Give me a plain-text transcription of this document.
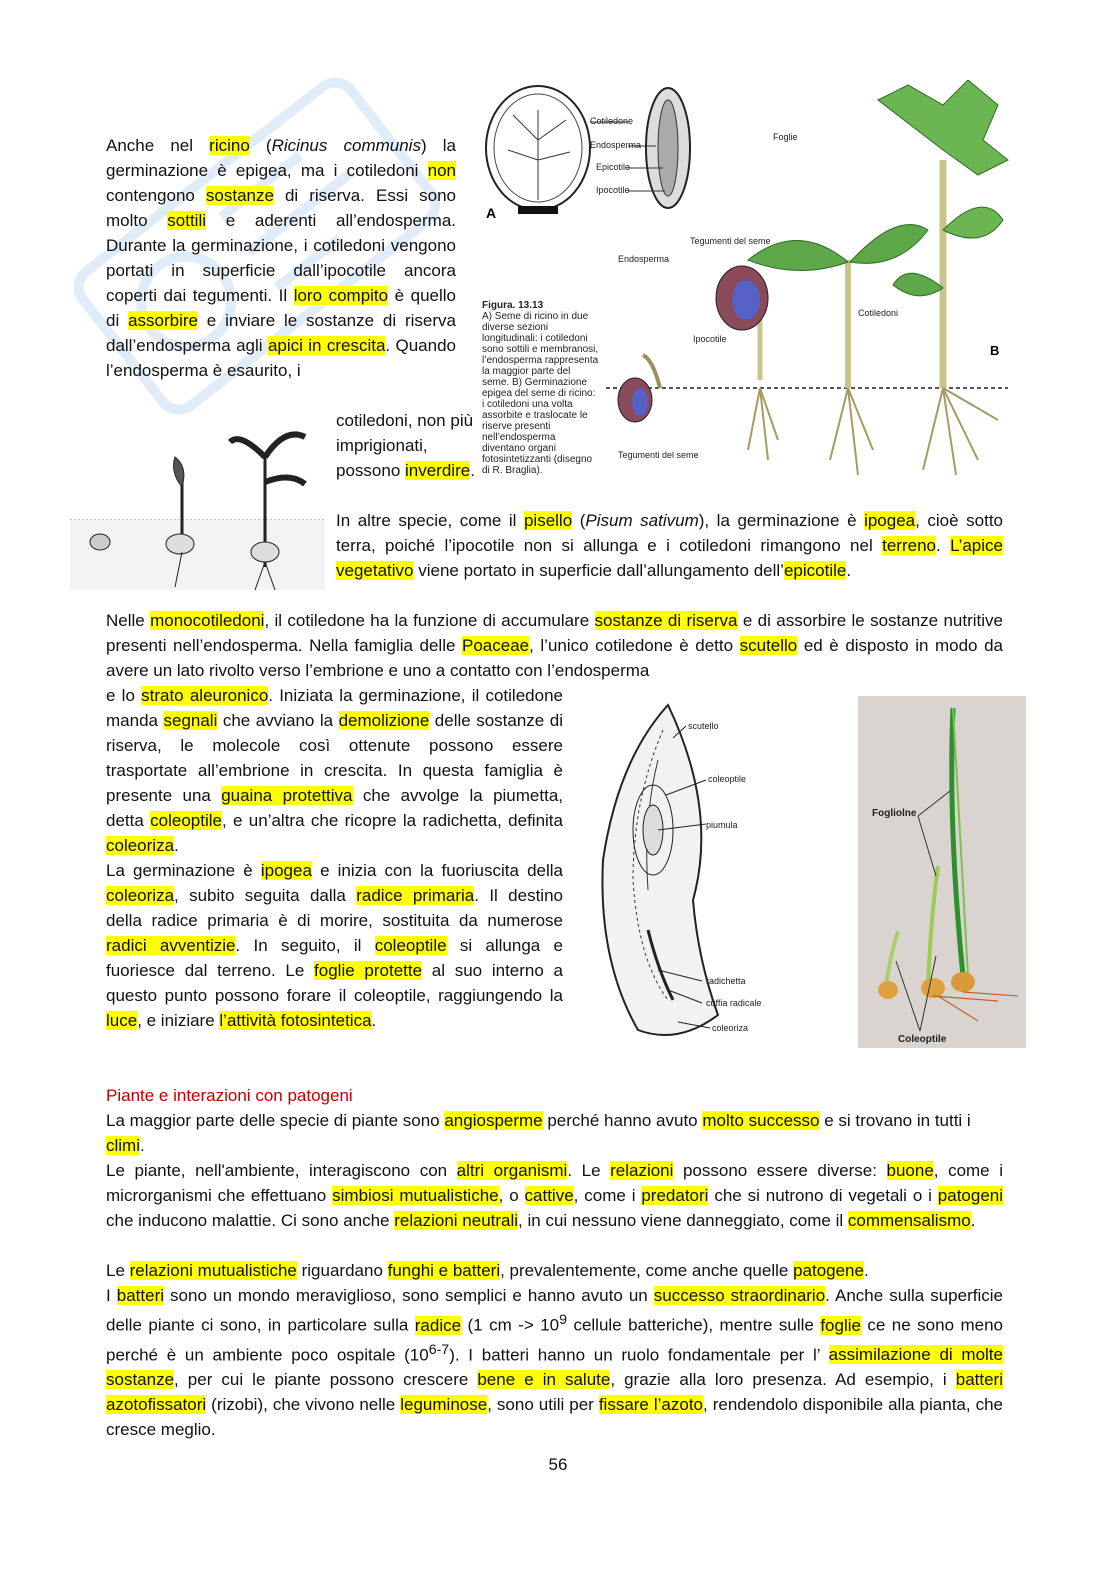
Cotiledone
Endosperma
Epicotile
Ipocotile
A
Foglie
Tegumenti del seme
Endosperma
Cotiledoni
Ipocotile
Tegumenti del seme
B
Figura. 13.13
A) Seme di ricino in due diverse sezioni longitudinali: i cotiledoni sono sottili e membranosi, l’endosperma rappresenta la maggior parte del seme. B) Germinazione epigea del seme di ricino: i cotiledoni una volta assorbite e traslocate le riserve presenti nell’endosperma diventano organi fotosintetizzanti (disegno di R. Braglia).

Anche nel ricino (Ricinus communis) la germinazione è epigea, ma i cotiledoni non contengono sostanze di riserva. Essi sono molto sottili e aderenti all’endosperma. Durante la germinazione, i cotiledoni vengono portati in superficie dall’ipocotile ancora coperti dai tegumenti. Il loro compito è quello di assorbire e inviare le sostanze di riserva dall’endosperma agli apici in crescita. Quando l’endosperma è esaurito, i

cotiledoni, non più imprigionati, possono inverdire.

In altre specie, come il pisello (Pisum sativum), la germinazione è ipogea, cioè sotto terra, poiché l’ipocotile non si allunga e i cotiledoni rimangono nel terreno. L’apice vegetativo viene portato in superficie dall’allungamento dell’epicotile.

Nelle monocotiledoni, il cotiledone ha la funzione di accumulare sostanze di riserva e di assorbire le sostanze nutritive presenti nell’endosperma. Nella famiglia delle Poaceae, l’unico cotiledone è detto scutello ed è disposto in modo da avere un lato rivolto verso l’embrione e uno a contatto con l’endosperma

e lo strato aleuronico. Iniziata la germinazione, il cotiledone manda segnali che avviano la demolizione delle sostanze di riserva, le molecole così ottenute possono essere trasportate all’embrione in crescita. In questa famiglia è presente una guaina protettiva che avvolge la piumetta, detta coleoptile, e un’altra che ricopre la radichetta, definita coleoriza.

La germinazione è ipogea e inizia con la fuoriuscita della coleoriza, subito seguita dalla radice primaria. Il destino della radice primaria è di morire, sostituita da numerose radici avventizie. In seguito, il coleoptile si allunga e fuoriesce dal terreno. Le foglie protette al suo interno a questo punto possono forare il coleoptile, raggiungendo la luce, e iniziare l’attività fotosintetica.

scutello
coleoptile
piumula
radichetta
cuffia radicale
coleoriza
Fogliolne
Coleoptile

Piante e interazioni con patogeni

La maggior parte delle specie di piante sono angiosperme perché hanno avuto molto successo e si trovano in tutti i climi.

Le piante, nell'ambiente, interagiscono con altri organismi. Le relazioni possono essere diverse: buone, come i microrganismi che effettuano simbiosi mutualistiche, o cattive, come i predatori che si nutrono di vegetali o i patogeni che inducono malattie. Ci sono anche relazioni neutrali, in cui nessuno viene danneggiato, come il commensalismo.

Le relazioni mutualistiche riguardano funghi e batteri, prevalentemente, come anche quelle patogene.

I batteri sono un mondo meraviglioso, sono semplici e hanno avuto un successo straordinario. Anche sulla superficie delle piante ci sono, in particolare sulla radice (1 cm -> $10^9$ cellule batteriche), mentre sulle foglie ce ne sono meno perché è un ambiente poco ospitale (10$^{6-7}$). I batteri hanno un ruolo fondamentale per l’ assimilazione di molte sostanze, per cui le piante possono crescere bene e in salute, grazie alla loro presenza. Ad esempio, i batteri azotofissatori (rizobi), che vivono nelle leguminose, sono utili per fissare l’azoto, rendendolo disponibile alla pianta, che cresce meglio.

56
